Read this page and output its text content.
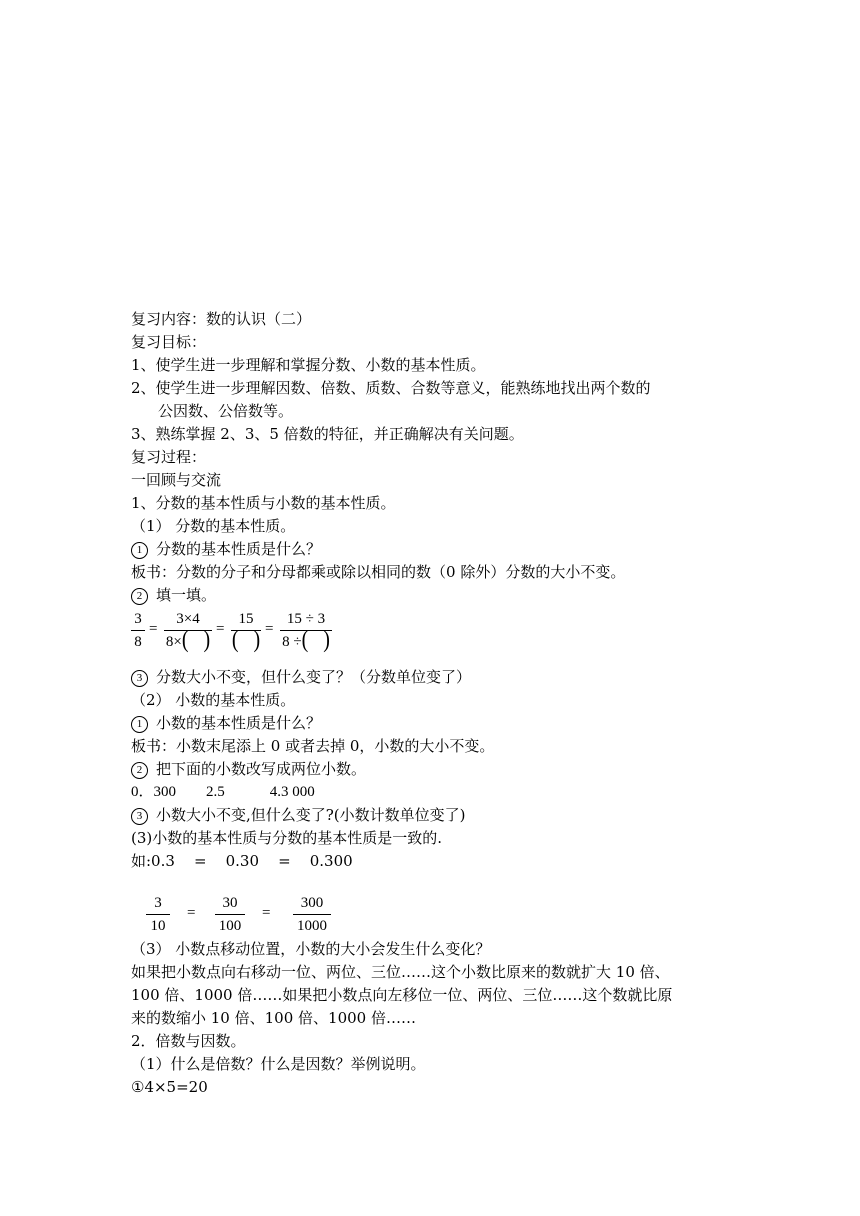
复习内容：数的认识（二）
复习目标：
1、使学生进一步理解和掌握分数、小数的基本性质。
2、使学生进一步理解因数、倍数、质数、合数等意义，能熟练地找出两个数的
公因数、公倍数等。
3、熟练掌握 2、3、5 倍数的特征，并正确解决有关问题。
复习过程：
一回顾与交流
1、分数的基本性质与小数的基本性质。
（1） 分数的基本性质。
1 分数的基本性质是什么？
板书：分数的分子和分母都乘或除以相同的数（0 除外）分数的大小不变。
2 填一填。
3
8
=
3×4
8×(   ) =
15
(   ) =
15 ÷ 3
8 ÷(   )
3 分数大小不变，但什么变了？（分数单位变了）
（2） 小数的基本性质。
1 小数的基本性质是什么？
板书：小数末尾添上 0 或者去掉 0，小数的大小不变。
2 把下面的小数改写成两位小数。
0．300        2.5            4.3 000
3 小数大小不变,但什么变了?(小数计数单位变了)
(3)小数的基本性质与分数的基本性质是一致的.
如:0.3    =    0.30    =    0.300
3
10
=
30
100
=
300
1000
（3） 小数点移动位置，小数的大小会发生什么变化？
如果把小数点向右移动一位、两位、三位……这个小数比原来的数就扩大 10 倍、
100 倍、1000 倍……如果把小数点向左移位一位、两位、三位……这个数就比原
来的数缩小 10 倍、100 倍、1000 倍……
2．倍数与因数。
（1）什么是倍数？什么是因数？举例说明。
①4×5=20
